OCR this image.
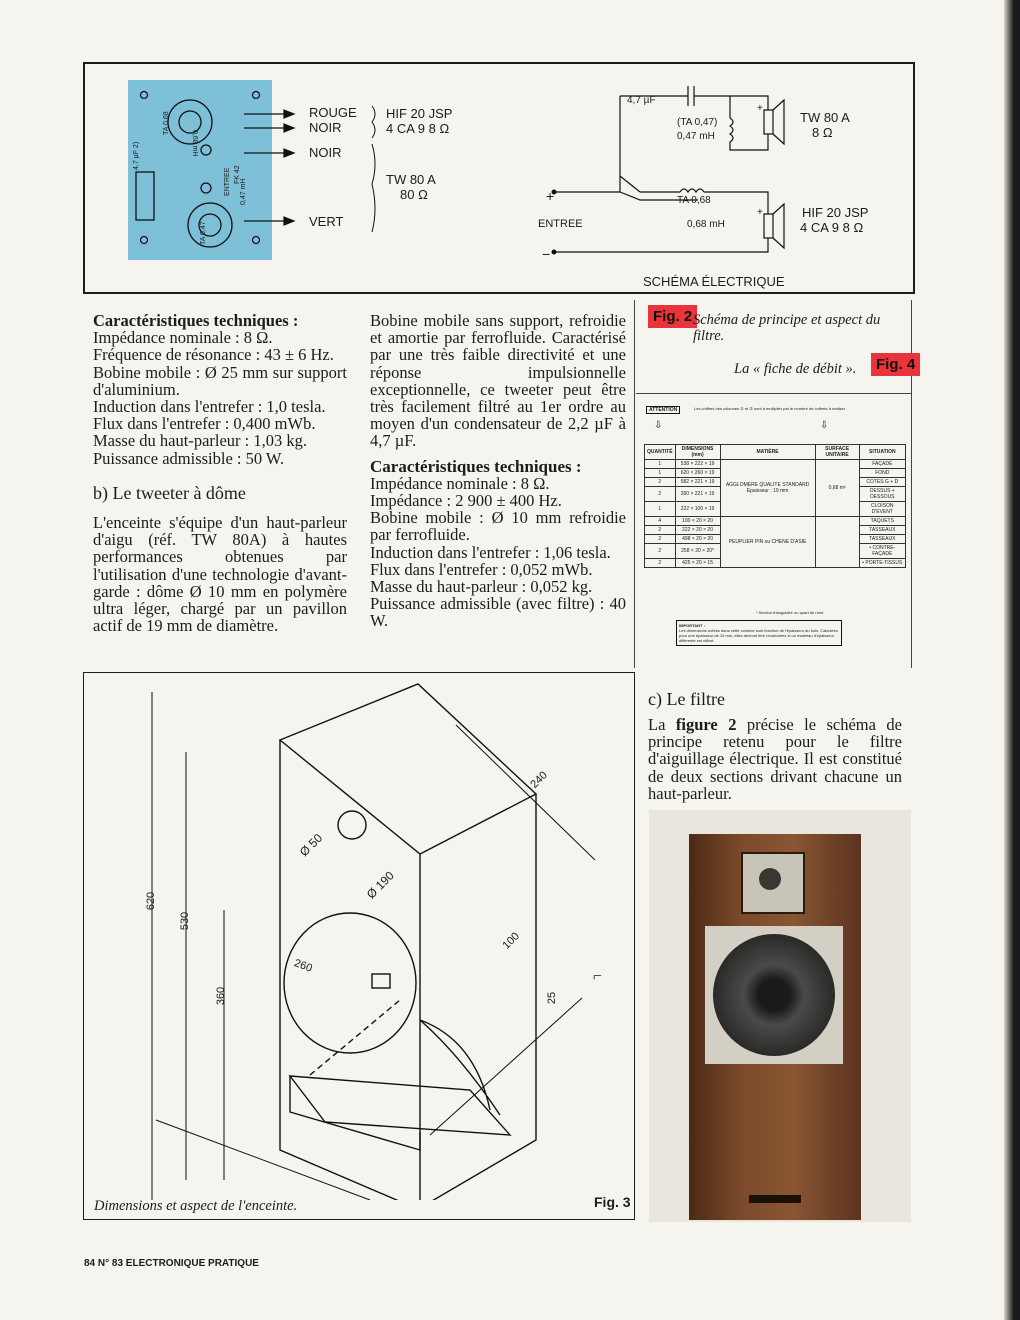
4,7 µF 2)
TA 0,68
0,68 mH
TA 0,47
0,47 mH
ENTREE FK 42
ROUGE
NOIR
NOIR
VERT
HIF 20 JSP
4 CA 9 8 Ω
TW 80 A
80 Ω
4,7 µF
(TA 0,47)
0,47 mH
+
TW 80 A
8 Ω
TA 0,68
0,68 mH
+	HIF 20 JSP
4 CA 9 8 Ω
+
ENTREE
−
SCHÉMA ÉLECTRIQUE

Caractéristiques techniques :

Impédance nominale : 8 Ω.

Fréquence de résonance : 43 ± 6 Hz.

Bobine mobile : Ø 25 mm sur support d'aluminium.

Induction dans l'entrefer : 1,0 tesla.

Flux dans l'entrefer : 0,400 mWb.

Masse du haut-parleur : 1,03 kg.

Puissance admissible : 50 W.

b) Le tweeter à dôme

L'enceinte s'équipe d'un haut-parleur d'aigu (réf. TW 80A) à hautes performances obtenues par l'utilisation d'une technologie d'avant-garde : dôme Ø 10 mm en polymère ultra léger, chargé par un pavillon actif de 19 mm de diamètre.

Bobine mobile sans support, refroidie et amortie par ferrofluide. Caractérisé par une très faible directivité et une réponse impulsionnelle exceptionnelle, ce tweeter peut être très facilement filtré au 1er ordre au moyen d'un condensateur de 2,2 µF à 4,7 µF.

Caractéristiques techniques :

Impédance nominale : 8 Ω.

Impédance : 2 900 ± 400 Hz.

Bobine mobile : Ø 10 mm refroidie par ferrofluide.

Induction dans l'entrefer : 1,06 tesla.

Flux dans l'entrefer : 0,052 mWb.

Masse du haut-parleur : 0,052 kg.

Puissance admissible (avec filtre) : 40 W.

Fig. 2 Schéma de principe et aspect du filtre.
La « fiche de débit ».	Fig. 4
ATTENTION	Les chiffres des colonnes ① et ② sont à multiplier par le nombre de coffrets à réaliser.
⇩	⇩
QUANTITÉ	DIMENSIONS (mm)	MATIÈRE	SURFACE UNITAIRE	SITUATION
1	538 × 222 × 19	AGGLOMERE QUALITE STANDARD Epaisseur : 19 mm	0,68 m²	FAÇADE
1	620 × 260 × 19			FOND
2	582 × 221 × 19			COTES G + D
2	260 × 221 × 19			DESSUS + DESSOUS
1	222 × 100 × 19			CLOISON D'EVENT
4	100 × 20 × 20	PEUPLIER PIN ou CHENE D'ASIE		TAQUETS
2	222 × 20 × 20			TASSEAUX
2	498 × 20 × 20			TASSEAUX
2	258 × 20 × 20*			• CONTRE-FAÇADE
2	425 × 20 × 15			• PORTE-TISSUS
* Section triangulaire ou quart de rond
IMPORTANT :
Les dimensions notées dans cette colonne sont fonction de l'épaisseur du bois. Calculées pour une épaisseur de 19 mm, elles devront être recalculées si un matériau d'épaisseur différente est utilisé.
620
530
360
240
Ø 50
Ø 190
100
260
25
⌐
Dimensions et aspect de l'enceinte.	Fig. 3
c) Le filtre
La figure 2 précise le schéma de principe retenu pour le filtre d'aiguillage électrique. Il est constitué de deux sections drivant chacune un haut-parleur.
84 N° 83 ELECTRONIQUE PRATIQUE
